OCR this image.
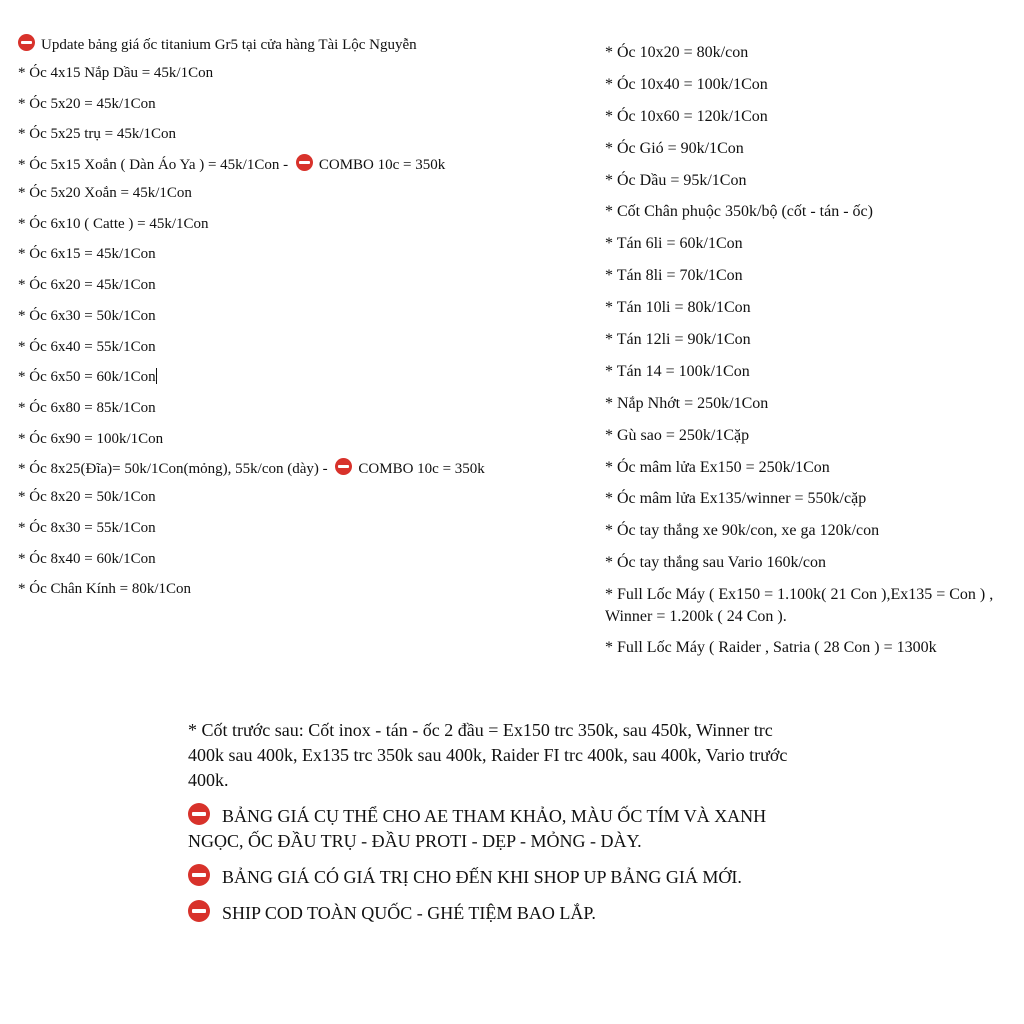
Update bảng giá ốc titanium Gr5 tại cửa hàng Tài Lộc Nguyễn

* Óc 4x15 Nắp Dầu = 45k/1Con

* Óc 5x20 = 45k/1Con

* Óc 5x25 trụ = 45k/1Con

* Óc 5x15 Xoắn ( Dàn Áo Ya ) = 45k/1Con - COMBO 10c = 350k

* Óc 5x20 Xoắn = 45k/1Con

* Óc 6x10 ( Catte ) = 45k/1Con

* Óc 6x15 = 45k/1Con

* Óc 6x20 = 45k/1Con

* Óc 6x30 = 50k/1Con

* Óc 6x40 = 55k/1Con

* Óc 6x50 = 60k/1Con

* Óc 6x80 = 85k/1Con

* Óc 6x90 = 100k/1Con

* Óc 8x25(Đĩa)= 50k/1Con(mỏng), 55k/con (dày) - COMBO 10c = 350k

* Óc 8x20 = 50k/1Con

* Óc 8x30 = 55k/1Con

* Óc 8x40 = 60k/1Con

* Óc Chân Kính = 80k/1Con

* Óc 10x20 = 80k/con

* Óc 10x40 = 100k/1Con

* Óc 10x60 = 120k/1Con

* Óc Gió = 90k/1Con

* Óc Dầu = 95k/1Con

* Cốt Chân phuộc 350k/bộ (cốt - tán - ốc)

* Tán 6li = 60k/1Con

* Tán 8li = 70k/1Con

* Tán 10li = 80k/1Con

* Tán 12li = 90k/1Con

* Tán 14 = 100k/1Con

* Nắp Nhớt = 250k/1Con

* Gù sao = 250k/1Cặp

* Óc mâm lửa Ex150 = 250k/1Con

* Óc mâm lửa Ex135/winner = 550k/cặp

* Óc tay thắng xe 90k/con, xe ga 120k/con

* Óc tay thắng sau Vario 160k/con

* Full Lốc Máy ( Ex150 = 1.100k( 21 Con ),Ex135 = Con ) , Winner = 1.200k ( 24 Con ).

* Full Lốc Máy ( Raider , Satria ( 28 Con ) = 1300k

* Cốt trước sau: Cốt inox - tán - ốc 2 đầu = Ex150 trc 350k, sau 450k, Winner trc 400k sau 400k, Ex135 trc 350k sau 400k, Raider FI trc 400k, sau 400k, Vario trước 400k.

BẢNG GIÁ CỤ THỂ CHO AE THAM KHẢO, MÀU ỐC TÍM VÀ XANH NGỌC, ỐC ĐẦU TRỤ - ĐẦU PROTI - DẸP - MỎNG - DÀY.

BẢNG GIÁ CÓ GIÁ TRỊ CHO ĐẾN KHI SHOP UP BẢNG GIÁ MỚI.

SHIP COD TOÀN QUỐC - GHÉ TIỆM BAO LẮP.
